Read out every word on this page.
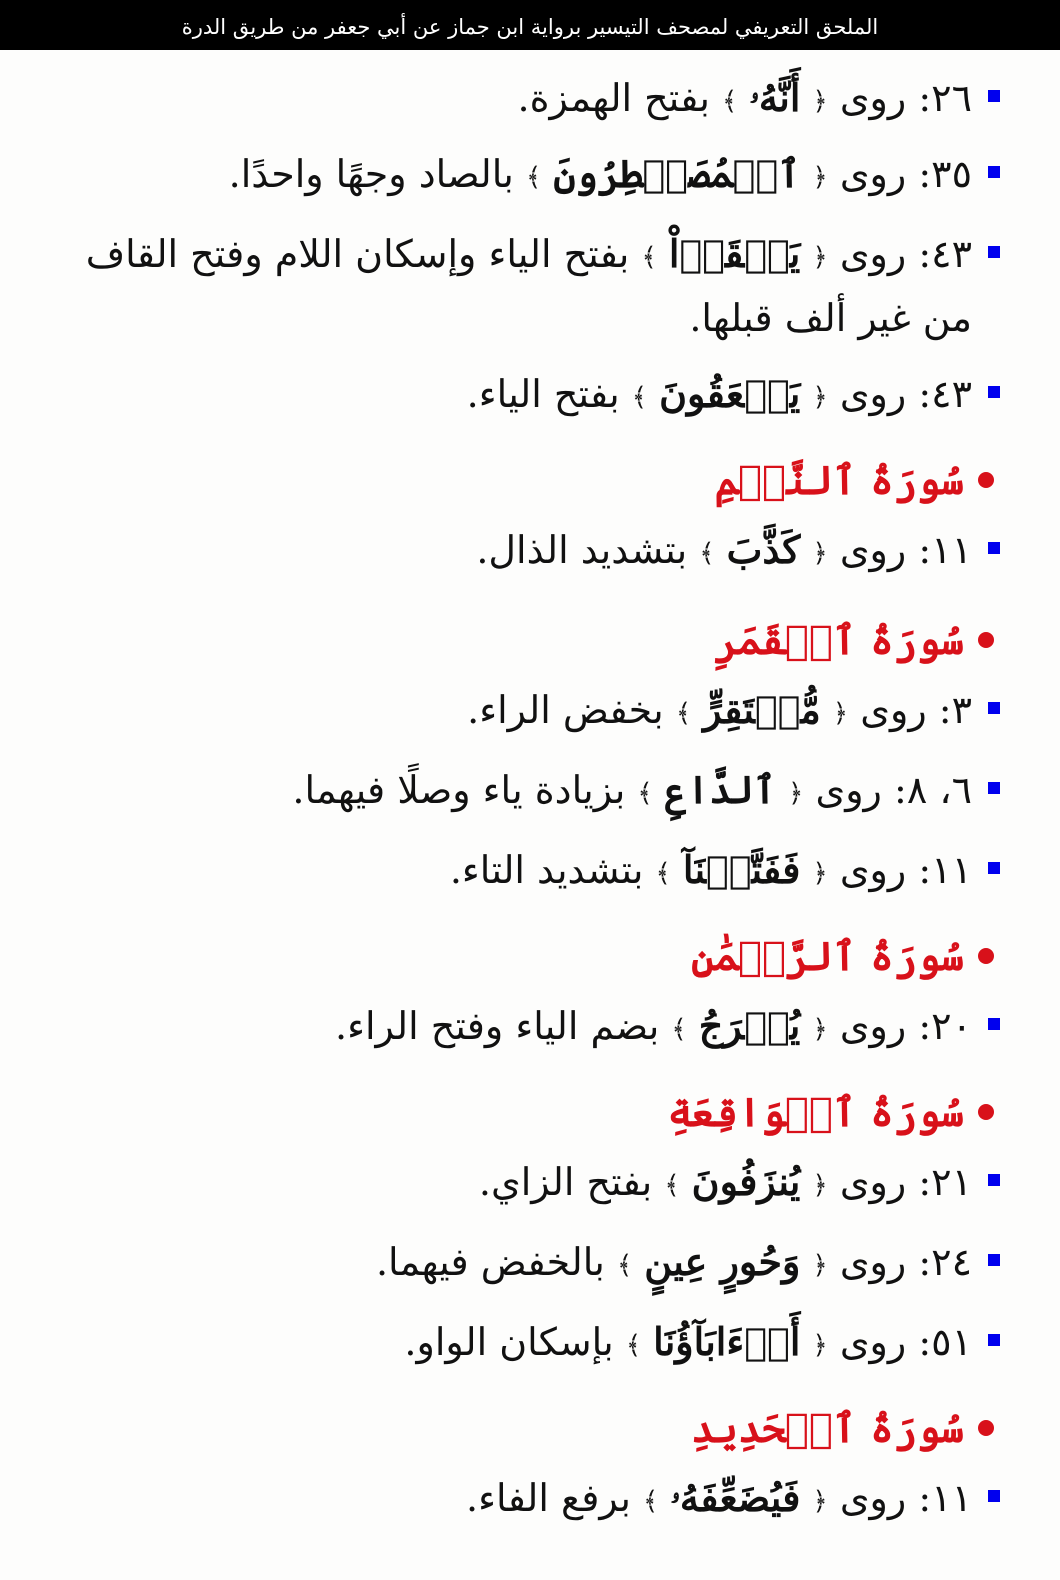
الملحق التعريفي لمصحف التيسير برواية ابن جماز عن أبي جعفر من طريق الدرة
٢٦: روى ﴿ أَنَّهُۥ ﴾ بفتح الهمزة.
٣٥: روى ﴿ ٱلۡمُصَيۡطِرُونَ ﴾ بالصاد وجهًا واحدًا.
٤٣: روى ﴿ يَلۡقَوۡاْ ﴾ بفتح الياء وإسكان اللام وفتح القاف من غير ألف قبلها.
٤٣: روى ﴿ يَصۡعَقُونَ ﴾ بفتح الياء.
سُورَةُ ٱلنَّجۡمِ
١١: روى ﴿ كَذَّبَ ﴾ بتشديد الذال.
سُورَةُ ٱلۡقَمَرِ
٣: روى ﴿ مُّسۡتَقِرٍّ ﴾ بخفض الراء.
٦، ٨: روى ﴿ ٱلدَّاعِ ﴾ بزيادة ياء وصلًا فيهما.
١١: روى ﴿ فَفَتَّحۡنَآ ﴾ بتشديد التاء.
سُورَةُ ٱلرَّحۡمَٰنِ
٢٠: روى ﴿ يُخۡرَجُ ﴾ بضم الياء وفتح الراء.
سُورَةُ ٱلۡوَاقِعَةِ
٢١: روى ﴿ يُنزَفُونَ ﴾ بفتح الزاي.
٢٤: روى ﴿ وَحُورٍ عِينٍ ﴾ بالخفض فيهما.
٥١: روى ﴿ أَوۡءَابَآؤُنَا ﴾ بإسكان الواو.
سُورَةُ ٱلۡحَدِيدِ
١١: روى ﴿ فَيُضَعِّفَهُۥ ﴾ برفع الفاء.
